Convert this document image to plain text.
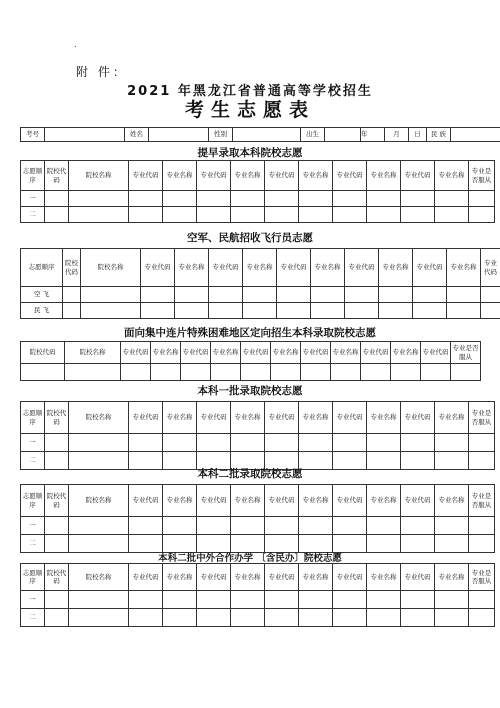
.
附 件：
2021 年黑龙江省普通高等学校招生
考生志愿表
考号		姓名		性别		出生		年	月	日	民 族	
提早录取本科院校志愿
志愿顺序	院校代码	院校名称	专业代码	专业名称	专业代码	专业名称	专业代码	专业名称	专业代码	专业名称	专业代码	专业名称	专业是否服从
一													
二													
空军、民航招收飞行员志愿
志愿顺序	院校代码	院校名称	专业代码	专业名称	专业代码	专业名称	专业代码	专业名称	专业代码	专业名称	专业代码	专业名称	专业代码
空 飞													
民 飞													
面向集中连片特殊困难地区定向招生本科录取院校志愿
院校代码	院校名称	专业代码	专业名称	专业代码	专业名称	专业代码	专业名称	专业代码	专业名称	专业代码	专业名称	专业代码	专业是否服从

本科一批录取院校志愿
志愿顺序	院校代码	院校名称	专业代码	专业名称	专业代码	专业名称	专业代码	专业名称	专业代码	专业名称	专业代码	专业名称	专业是否服从
一													
二													
本科二批录取院校志愿
志愿顺序	院校代码	院校名称	专业代码	专业名称	专业代码	专业名称	专业代码	专业名称	专业代码	专业名称	专业代码	专业名称	专业是否服从
一													
二													
本科二批中外合作办学 〔含民办〕院校志愿
志愿顺序	院校代码	院校名称	专业代码	专业名称	专业代码	专业名称	专业代码	专业名称	专业代码	专业名称	专业代码	专业名称	专业是否服从
一													
二													
